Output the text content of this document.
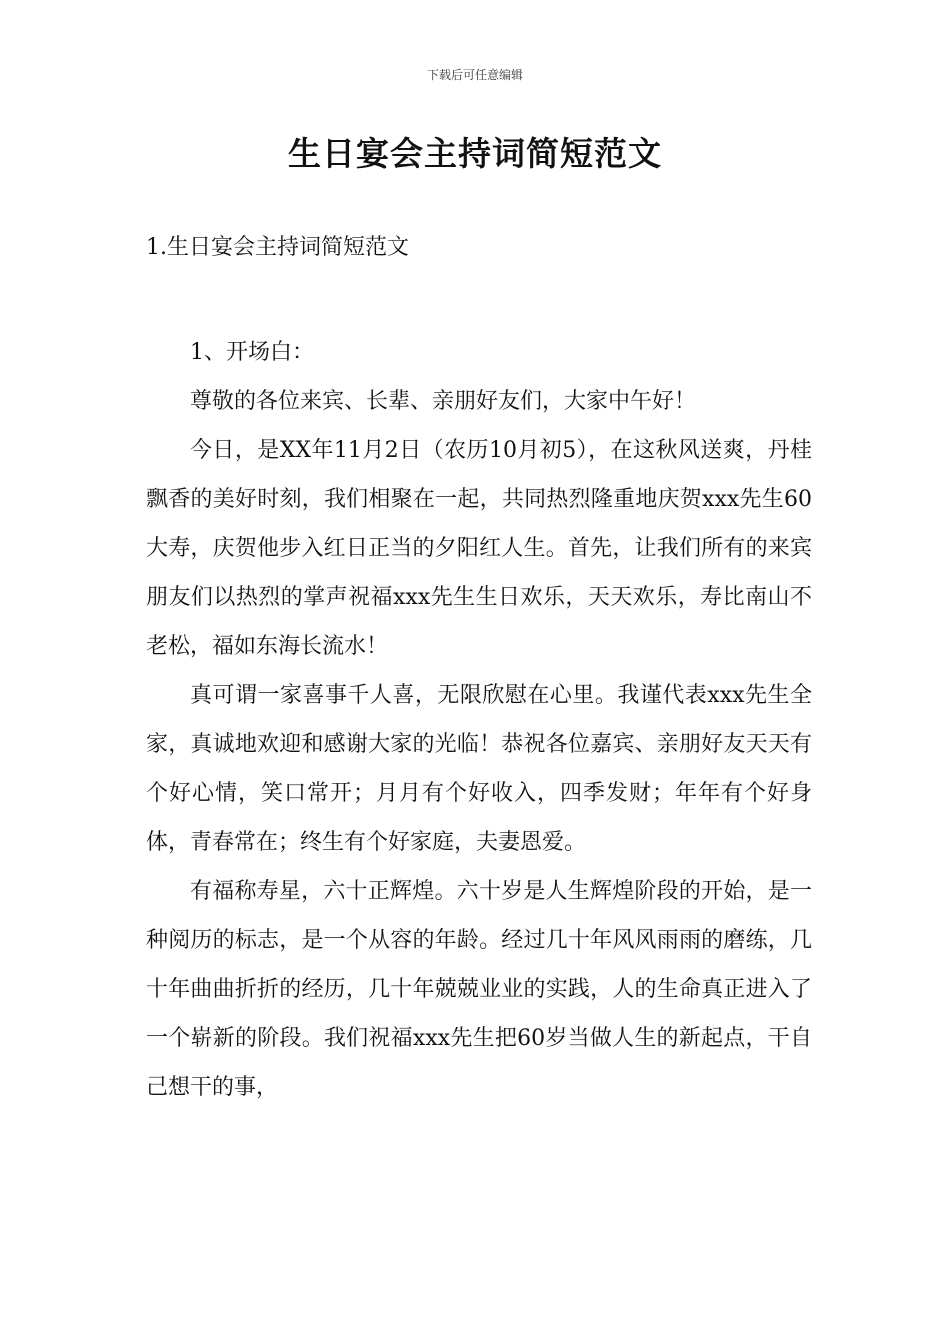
下载后可任意编辑
生日宴会主持词简短范文
1.生日宴会主持词简短范文

1、开场白：

尊敬的各位来宾、长辈、亲朋好友们，大家中午好！

今日，是XX年11月2日（农历10月初5），在这秋风送爽，丹桂飘香的美好时刻，我们相聚在一起，共同热烈隆重地庆贺xxx先生60大寿，庆贺他步入红日正当的夕阳红人生。首先，让我们所有的来宾朋友们以热烈的掌声祝福xxx先生生日欢乐，天天欢乐，寿比南山不老松，福如东海长流水！

真可谓一家喜事千人喜，无限欣慰在心里。我谨代表xxx先生全家，真诚地欢迎和感谢大家的光临！恭祝各位嘉宾、亲朋好友天天有个好心情，笑口常开；月月有个好收入，四季发财；年年有个好身体，青春常在；终生有个好家庭，夫妻恩爱。

有福称寿星，六十正辉煌。六十岁是人生辉煌阶段的开始，是一种阅历的标志，是一个从容的年龄。经过几十年风风雨雨的磨练，几十年曲曲折折的经历，几十年兢兢业业的实践，人的生命真正进入了一个崭新的阶段。我们祝福xxx先生把60岁当做人生的新起点，干自己想干的事，
